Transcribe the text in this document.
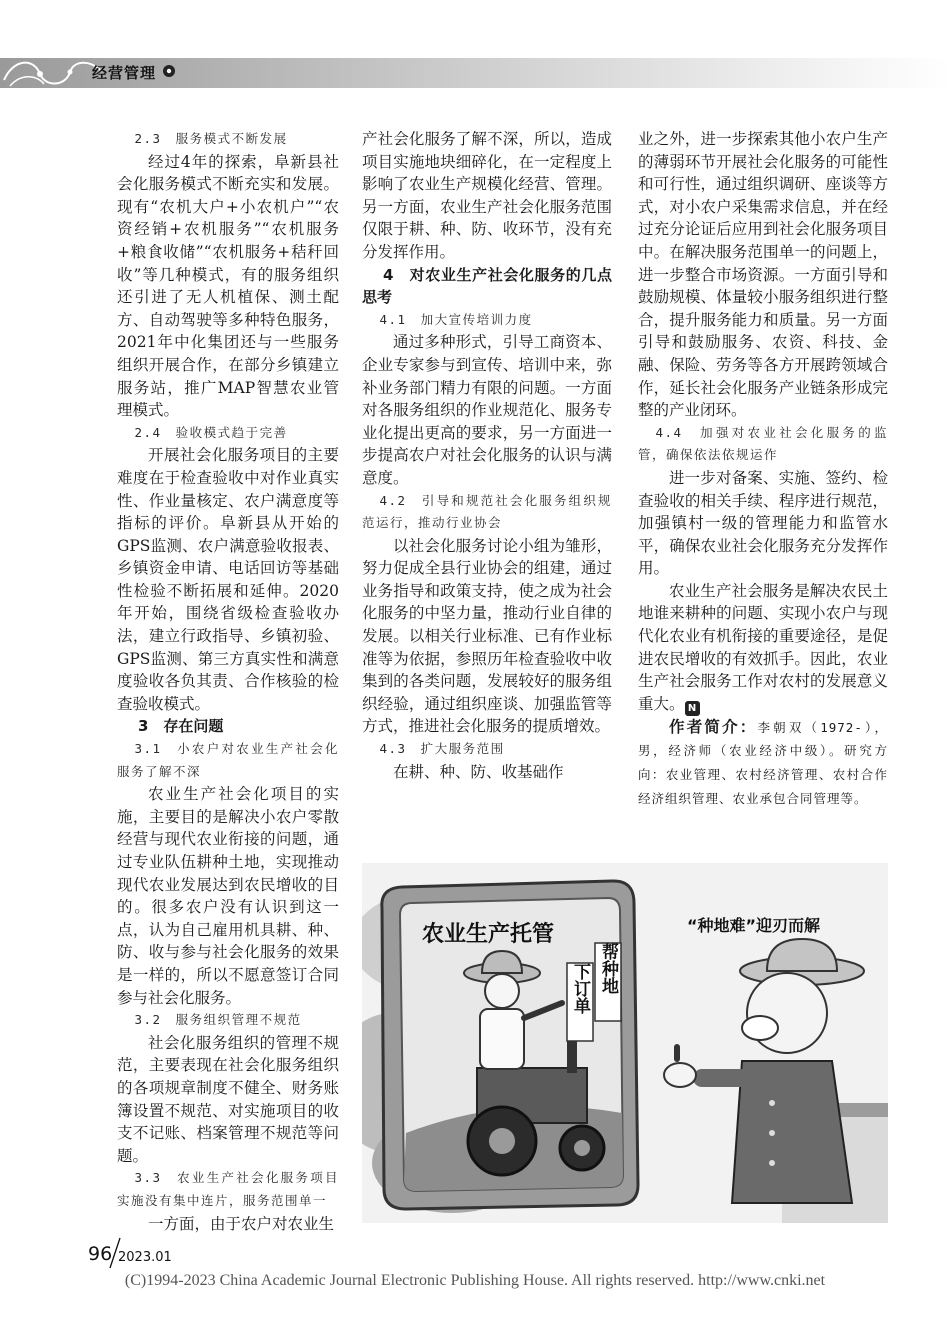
经营管理

2.3　服务模式不断发展

经过4年的探索，阜新县社会化服务模式不断充实和发展。现有“农机大户+小农机户”“农资经销+农机服务”“农机服务+粮食收储”“农机服务+秸秆回收”等几种模式，有的服务组织还引进了无人机植保、测土配方、自动驾驶等多种特色服务，2021年中化集团还与一些服务组织开展合作，在部分乡镇建立服务站，推广MAP智慧农业管理模式。

2.4　验收模式趋于完善

开展社会化服务项目的主要难度在于检查验收中对作业真实性、作业量核定、农户满意度等指标的评价。阜新县从开始的GPS监测、农户满意验收报表、乡镇资金申请、电话回访等基础性检验不断拓展和延伸。2020年开始，围绕省级检查验收办法，建立行政指导、乡镇初验、GPS监测、第三方真实性和满意度验收各负其责、合作核验的检查验收模式。

3　存在问题

3.1　小农户对农业生产社会化服务了解不深

农业生产社会化项目的实施，主要目的是解决小农户零散经营与现代农业衔接的问题，通过专业队伍耕种土地，实现推动现代农业发展达到农民增收的目的。很多农户没有认识到这一点，认为自己雇用机具耕、种、防、收与参与社会化服务的效果是一样的，所以不愿意签订合同参与社会化服务。

3.2　服务组织管理不规范

社会化服务组织的管理不规范，主要表现在社会化服务组织的各项规章制度不健全、财务账簿设置不规范、对实施项目的收支不记账、档案管理不规范等问题。

3.3　农业生产社会化服务项目实施没有集中连片，服务范围单一

一方面，由于农户对农业生

产社会化服务了解不深，所以，造成项目实施地块细碎化，在一定程度上影响了农业生产规模化经营、管理。另一方面，农业生产社会化服务范围仅限于耕、种、防、收环节，没有充分发挥作用。

4　对农业生产社会化服务的几点思考

4.1　加大宣传培训力度

通过多种形式，引导工商资本、企业专家参与到宣传、培训中来，弥补业务部门精力有限的问题。一方面对各服务组织的作业规范化、服务专业化提出更高的要求，另一方面进一步提高农户对社会化服务的认识与满意度。

4.2　引导和规范社会化服务组织规范运行，推动行业协会

以社会化服务讨论小组为雏形，努力促成全县行业协会的组建，通过业务指导和政策支持，使之成为社会化服务的中坚力量，推动行业自律的发展。以相关行业标准、已有作业标准等为依据，参照历年检查验收中收集到的各类问题，发展较好的服务组织经验，通过组织座谈、加强监管等方式，推进社会化服务的提质增效。

4.3　扩大服务范围

在耕、种、防、收基础作

业之外，进一步探索其他小农户生产的薄弱环节开展社会化服务的可能性和可行性，通过组织调研、座谈等方式，对小农户采集需求信息，并在经过充分论证后应用到社会化服务项目中。在解决服务范围单一的问题上，进一步整合市场资源。一方面引导和鼓励规模、体量较小服务组织进行整合，提升服务能力和质量。另一方面引导和鼓励服务、农资、科技、金融、保险、劳务等各方开展跨领域合作，延长社会化服务产业链条形成完整的产业闭环。

4.4　加强对农业社会化服务的监管，确保依法依规运作

进一步对备案、实施、签约、检查验收的相关手续、程序进行规范，加强镇村一级的管理能力和监管水平，确保农业社会化服务充分发挥作用。

农业生产社会服务是解决农民土地谁来耕种的问题、实现小农户与现代化农业有机衔接的重要途径，是促进农民增收的有效抓手。因此，农业生产社会服务工作对农村的发展意义重大。 N

作者简介：李朝双（1972-），男，经济师（农业经济中级）。研究方向：农业管理、农村经济管理、农村合作经济组织管理、农业承包合同管理等。

农业生产托管
下订单 帮种地
“种地难”迎刃而解
96 2023.01
(C)1994-2023 China Academic Journal Electronic Publishing House. All rights reserved. http://www.cnki.net
